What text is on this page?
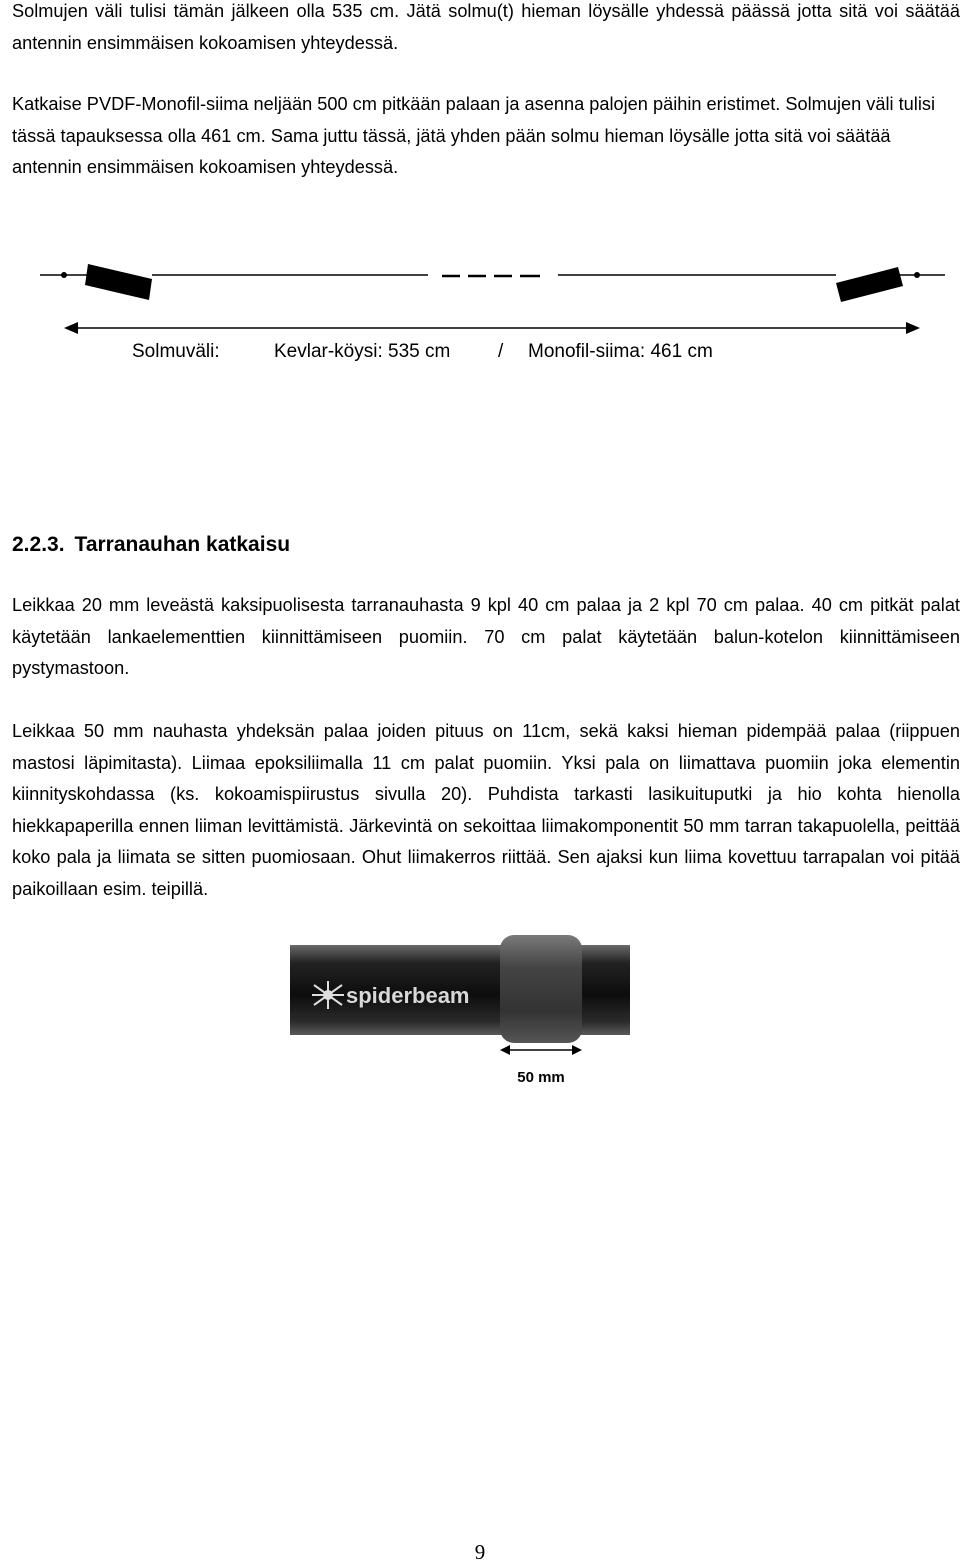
Solmujen väli tulisi tämän jälkeen olla 535 cm. Jätä solmu(t) hieman löysälle yhdessä päässä jotta sitä voi säätää antennin ensimmäisen kokoamisen yhteydessä.

Katkaise PVDF-Monofil-siima neljään 500 cm pitkään palaan ja asenna palojen päihin eristimet. Solmujen väli tulisi tässä tapauksessa olla 461 cm. Sama juttu tässä, jätä yhden pään solmu hieman löysälle jotta sitä voi säätää antennin ensimmäisen kokoamisen yhteydessä.

Solmuväli:	Kevlar-köysi: 535 cm	/ Monofil-siima: 461 cm
2.2.3. Tarranauhan katkaisu

Leikkaa 20 mm leveästä kaksipuolisesta tarranauhasta 9 kpl 40 cm palaa ja 2 kpl 70 cm palaa. 40 cm pitkät palat käytetään lankaelementtien kiinnittämiseen puomiin. 70 cm palat käytetään balun-kotelon kiinnittämiseen pystymastoon.

Leikkaa 50 mm nauhasta yhdeksän palaa joiden pituus on 11cm, sekä kaksi hieman pidempää palaa (riippuen mastosi läpimitasta). Liimaa epoksiliimalla 11 cm palat puomiin. Yksi pala on liimattava puomiin joka elementin kiinnityskohdassa (ks. kokoamispiirustus sivulla 20). Puhdista tarkasti lasikuituputki ja hio kohta hienolla hiekkapaperilla ennen liiman levittämistä. Järkevintä on sekoittaa liimakomponentit 50 mm tarran takapuolella, peittää koko pala ja liimata se sitten puomiosaan. Ohut liimakerros riittää. Sen ajaksi kun liima kovettuu tarrapalan voi pitää paikoillaan esim. teipillä.

spiderbeam
50 mm
9
